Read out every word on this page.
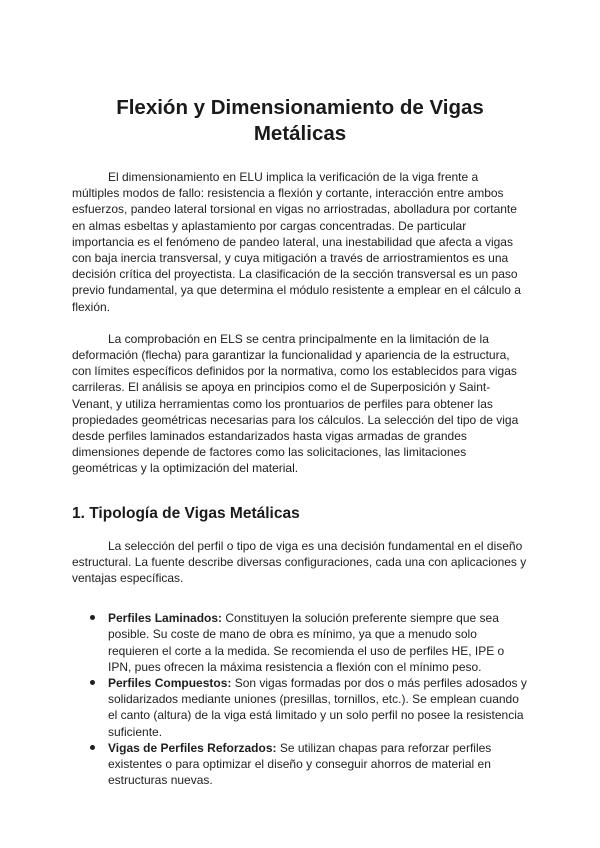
Flexión y Dimensionamiento de Vigas Metálicas

El dimensionamiento en ELU implica la verificación de la viga frente a múltiples modos de fallo: resistencia a flexión y cortante, interacción entre ambos esfuerzos, pandeo lateral torsional en vigas no arriostradas, abolladura por cortante en almas esbeltas y aplastamiento por cargas concentradas. De particular importancia es el fenómeno de pandeo lateral, una inestabilidad que afecta a vigas con baja inercia transversal, y cuya mitigación a través de arriostramientos es una decisión crítica del proyectista. La clasificación de la sección transversal es un paso previo fundamental, ya que determina el módulo resistente a emplear en el cálculo a flexión.

La comprobación en ELS se centra principalmente en la limitación de la deformación (flecha) para garantizar la funcionalidad y apariencia de la estructura, con límites específicos definidos por la normativa, como los establecidos para vigas carrileras. El análisis se apoya en principios como el de Superposición y Saint-Venant, y utiliza herramientas como los prontuarios de perfiles para obtener las propiedades geométricas necesarias para los cálculos. La selección del tipo de viga desde perfiles laminados estandarizados hasta vigas armadas de grandes dimensiones depende de factores como las solicitaciones, las limitaciones geométricas y la optimización del material.

1. Tipología de Vigas Metálicas

La selección del perfil o tipo de viga es una decisión fundamental en el diseño estructural. La fuente describe diversas configuraciones, cada una con aplicaciones y ventajas específicas.

Perfiles Laminados: Constituyen la solución preferente siempre que sea posible. Su coste de mano de obra es mínimo, ya que a menudo solo requieren el corte a la medida. Se recomienda el uso de perfiles HE, IPE o IPN, pues ofrecen la máxima resistencia a flexión con el mínimo peso.
Perfiles Compuestos: Son vigas formadas por dos o más perfiles adosados y solidarizados mediante uniones (presillas, tornillos, etc.). Se emplean cuando el canto (altura) de la viga está limitado y un solo perfil no posee la resistencia suficiente.
Vigas de Perfiles Reforzados: Se utilizan chapas para reforzar perfiles existentes o para optimizar el diseño y conseguir ahorros de material en estructuras nuevas.
